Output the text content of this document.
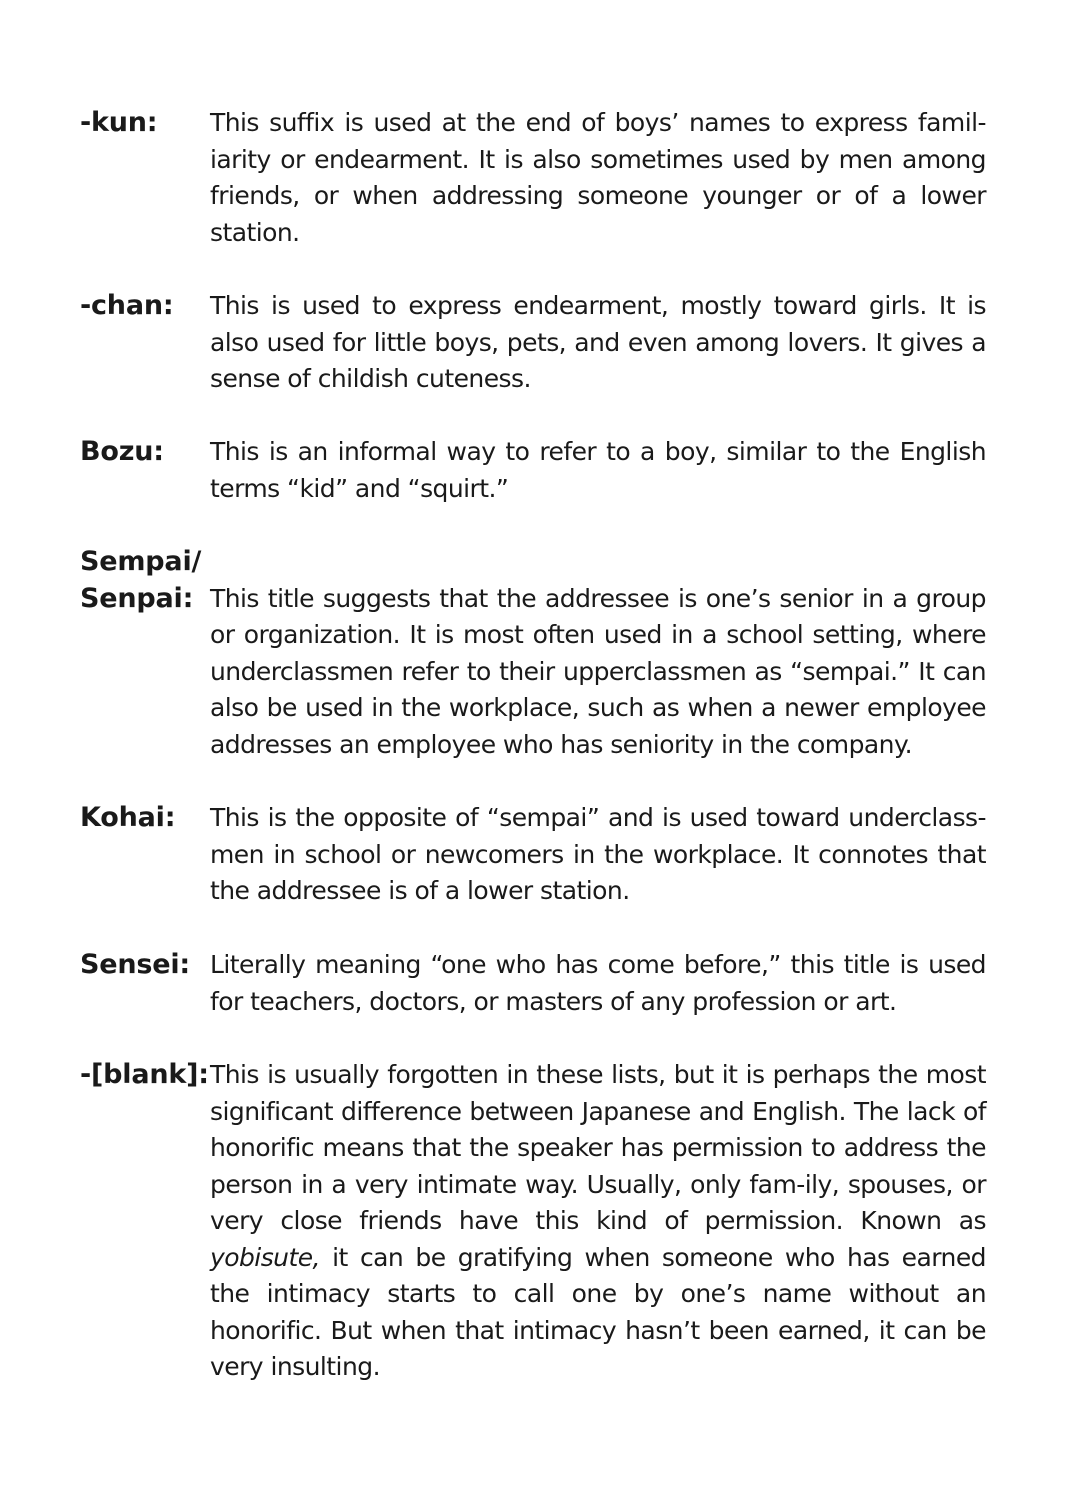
-kun: This suffix is used at the end of boys’ names to express famil-iarity or endearment. It is also sometimes used by men among friends, or when addressing someone younger or of a lower station.
-chan: This is used to express endearment, mostly toward girls. It is also used for little boys, pets, and even among lovers. It gives a sense of childish cuteness.
Bozu: This is an informal way to refer to a boy, similar to the English terms “kid” and “squirt.”
Sempai/
Senpai: This title suggests that the addressee is one’s senior in a group or organization. It is most often used in a school setting, where underclassmen refer to their upperclassmen as “sempai.” It can also be used in the workplace, such as when a newer employee addresses an employee who has seniority in the company.
Kohai: This is the opposite of “sempai” and is used toward underclass-men in school or newcomers in the workplace. It connotes that the addressee is of a lower station.
Sensei: Literally meaning “one who has come before,” this title is used for teachers, doctors, or masters of any profession or art.
-[blank]: This is usually forgotten in these lists, but it is perhaps the most significant difference between Japanese and English. The lack of honorific means that the speaker has permission to address the person in a very intimate way. Usually, only fam-ily, spouses, or very close friends have this kind of permission. Known as yobisute, it can be gratifying when someone who has earned the intimacy starts to call one by one’s name without an honorific. But when that intimacy hasn’t been earned, it can be very insulting.
